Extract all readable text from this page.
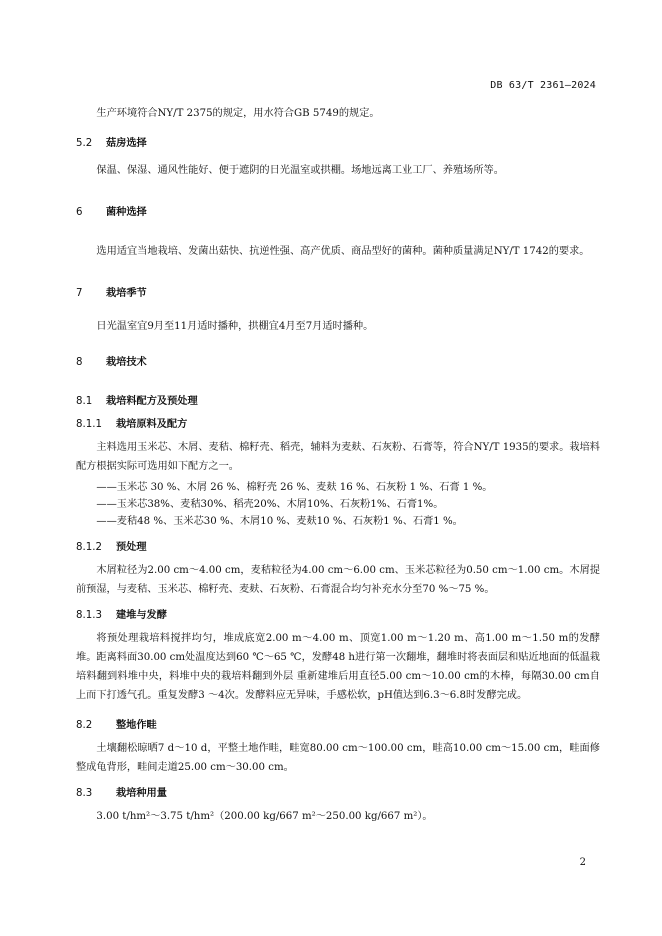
DB 63/T 2361—2024

生产环境符合NY/T 2375的规定，用水符合GB 5749的规定。

5.2	菇房选择

保温、保湿、通风性能好、便于遮阴的日光温室或拱棚。场地远离工业工厂、养殖场所等。

6	菌种选择

选用适宜当地栽培、发菌出菇快、抗逆性强、高产优质、商品型好的菌种。菌种质量满足NY/T 1742的要求。

7	栽培季节

日光温室宜9月至11月适时播种，拱棚宜4月至7月适时播种。

8	栽培技术
8.1	栽培料配方及预处理
8.1.1	栽培原料及配方

主料选用玉米芯、木屑、麦秸、棉籽壳、稻壳，辅料为麦麸、石灰粉、石膏等，符合NY/T 1935的要求。栽培料配方根据实际可选用如下配方之一。

——玉米芯 30 %、木屑 26 %、棉籽壳 26 %、麦麸 16 %、石灰粉 1 %、石膏 1 %。

——玉米芯38%、麦秸30%、稻壳20%、木屑10%、石灰粉1%、石膏1%。

——麦秸48 %、玉米芯30 %、木屑10 %、麦麸10 %、石灰粉1 %、石膏1 %。

8.1.2	预处理

木屑粒径为2.00 cm～4.00 cm，麦秸粒径为4.00 cm～6.00 cm、玉米芯粒径为0.50 cm～1.00 cm。木屑提前预湿，与麦秸、玉米芯、棉籽壳、麦麸、石灰粉、石膏混合均匀补充水分至70 %～75 %。

8.1.3	建堆与发酵

将预处理栽培料搅拌均匀，堆成底宽2.00 m～4.00 m、顶宽1.00 m～1.20 m、高1.00 m～1.50 m的发酵堆。距离料面30.00 cm处温度达到60 ℃～65 ℃，发酵48 h进行第一次翻堆，翻堆时将表面层和贴近地面的低温栽培料翻到料堆中央，料堆中央的栽培料翻到外层 重新建堆后用直径5.00 cm～10.00 cm的木棒，每隔30.00 cm自上而下打透气孔。重复发酵3 ～4次。发酵料应无异味，手感松软，pH值达到6.3～6.8时发酵完成。

8.2	整地作畦

土壤翻松晾晒7 d～10 d，平整土地作畦，畦宽80.00 cm～100.00 cm，畦高10.00 cm～15.00 cm，畦面修整成龟背形，畦间走道25.00 cm～30.00 cm。

8.3	栽培种用量

3.00 t/hm²～3.75 t/hm²（200.00 kg/667 m²～250.00 kg/667 m²）。

2
